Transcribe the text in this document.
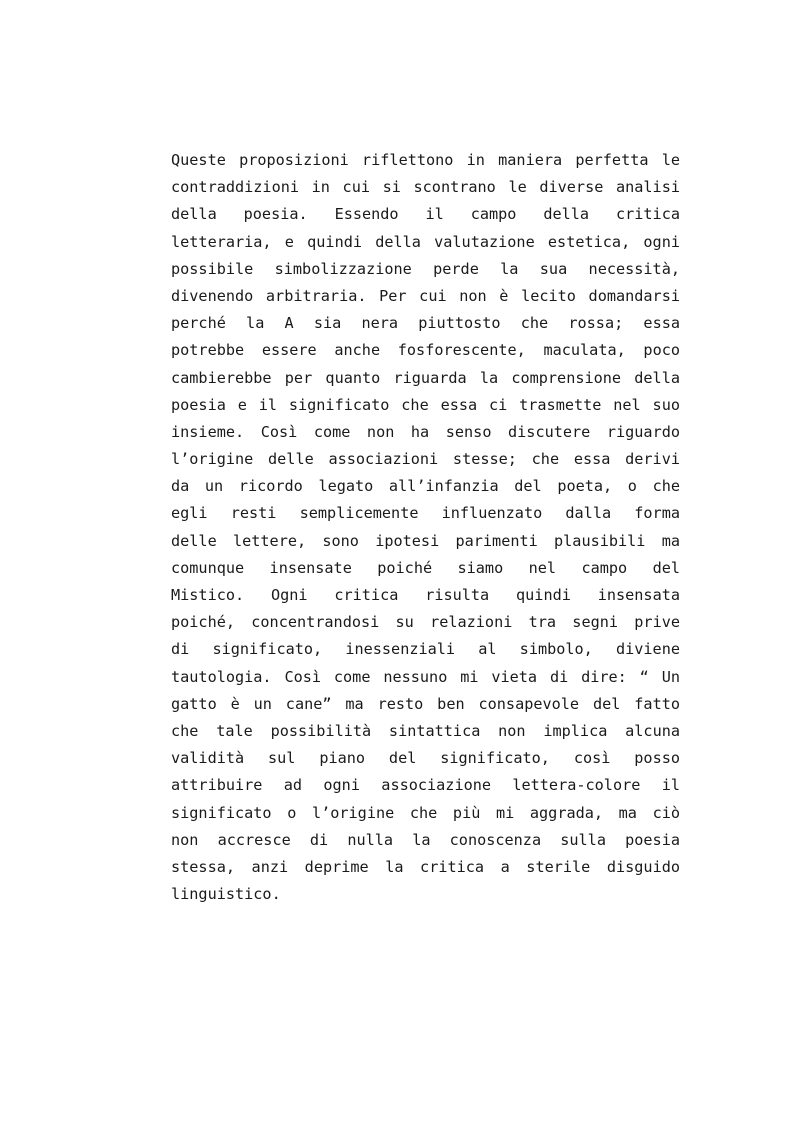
Queste proposizioni riflettono in maniera perfetta le
contraddizioni in cui si scontrano le diverse analisi
della poesia. Essendo il campo della critica
letteraria, e quindi della valutazione estetica, ogni
possibile simbolizzazione perde la sua necessità,
divenendo arbitraria. Per cui non è lecito domandarsi
perché la A sia nera piuttosto che rossa; essa
potrebbe essere anche fosforescente, maculata, poco
cambierebbe per quanto riguarda la comprensione della
poesia e il significato che essa ci trasmette nel suo
insieme. Così come non ha senso discutere riguardo
l’origine delle associazioni stesse; che essa derivi
da un ricordo legato all’infanzia del poeta, o che
egli resti semplicemente influenzato dalla forma
delle lettere, sono ipotesi parimenti plausibili ma
comunque insensate poiché siamo nel campo del
Mistico. Ogni critica risulta quindi insensata
poiché, concentrandosi su relazioni tra segni prive
di significato, inessenziali al simbolo, diviene
tautologia. Così come nessuno mi vieta di dire: “ Un
gatto è un cane” ma resto ben consapevole del fatto
che tale possibilità sintattica non implica alcuna
validità sul piano del significato, così posso
attribuire ad ogni associazione lettera-colore il
significato o l’origine che più mi aggrada, ma ciò
non accresce di nulla la conoscenza sulla poesia
stessa, anzi deprime la critica a sterile disguido
linguistico.
